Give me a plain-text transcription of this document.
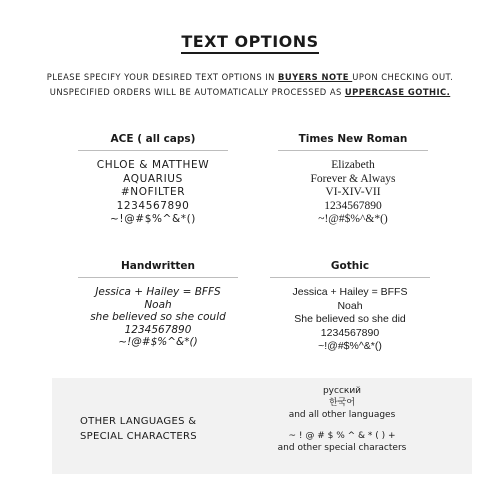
TEXT OPTIONS
PLEASE SPECIFY YOUR DESIRED TEXT OPTIONS IN BUYERS NOTE UPON CHECKING OUT.
UNSPECIFIED ORDERS WILL BE AUTOMATICALLY PROCESSED AS UPPERCASE GOTHIC.
ACE ( all caps)
CHLOE & MATTHEW
AQUARIUS
#NOFILTER
1234567890
~!@#$%^&*()
Times New Roman
Elizabeth
Forever & Always
VI-XIV-VII
1234567890
~!@#$%^&*()
Handwritten
Jessica + Hailey = BFFS
Noah
she believed so she could
1234567890
~!@#$%^&*()
Gothic
Jessica + Hailey = BFFS
Noah
She believed so she did
1234567890
~!@#$%^&*()
OTHER LANGUAGES &
SPECIAL CHARACTERS
русский
한국어
and all other languages
~ ! @ # $ % ^ & * ( ) +
and other special characters
